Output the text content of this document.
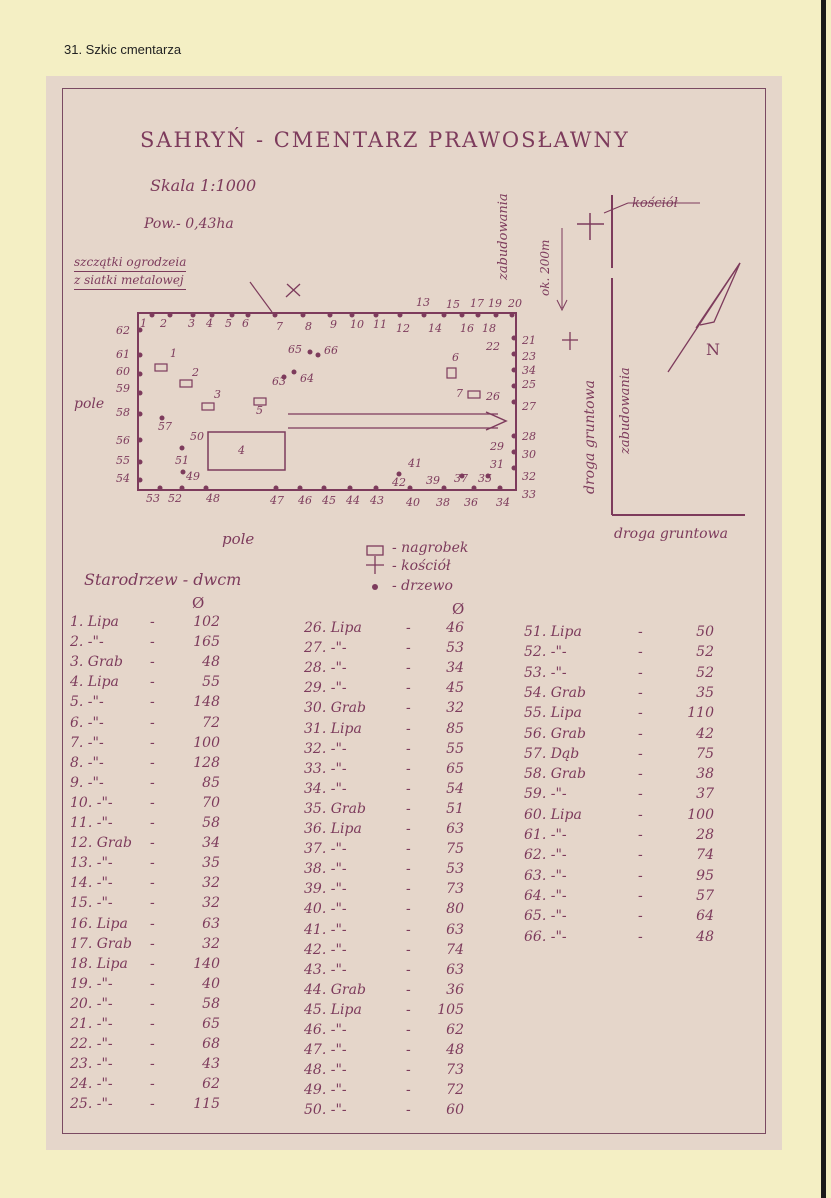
31. Szkic cmentarza
SAHRYŃ - CMENTARZ PRAWOSŁAWNY
Skala 1:1000
Pow.- 0,43ha
szczątki ogrodzeia
z siatki metalowej	zabudowania ok. 200m
kościół
N
droga gruntowa zabudowania
droga gruntowa
pole
pole
1 2 3 4 5 6 7 8 9 10 11 12
13
14
15
16
17
18
19 20
21
22
23
34
25
26
27
28
29
30
31
32
33
53 52 48	47 46 45 44 43 40 38 36 34
62
61
60
59
58
56
55
54
1
2
3
4
5
6
7
57
50
51
49
41
42 39 37 35
63 64
65 66
- nagrobek
- kościół
- drzewo
Starodrzew - dwcm
Ø	Ø
1. Lipa -	102
2. -"-	-	165
3. Grab -	48
4. Lipa -	55
5. -"-	-	148
6. -"-	-	72
7. -"-	-	100
8. -"-	-	128
9. -"-	-	85
10. -"-	-	70
11. -"-	-	58
12. Grab -	34
13. -"-	-	35
14. -"-	-	32
15. -"-	-	32
16. Lipa -	63
17. Grab -	32
18. Lipa -	140
19. -"-	-	40
20. -"-	-	58
21. -"-	-	65
22. -"-	-	68
23. -"-	-	43
24. -"-	-	62
25. -"-	-	115
26. Lipa	-	46
27. -"-	-	53
28. -"-	-	34
29. -"-	-	45
30. Grab	-	32
31. Lipa	-	85
32. -"-	-	55
33. -"-	-	65
34. -"-	-	54
35. Grab	-	51
36. Lipa	-	63
37. -"-	-	75
38. -"-	-	53
39. -"-	-	73
40. -"-	-	80
41. -"-	-	63
42. -"-	-	74
43. -"-	-	63
44. Grab	-	36
45. Lipa	-	105
46. -"-	-	62
47. -"-	-	48
48. -"-	-	73
49. -"-	-	72
50. -"-	-	60
51. Lipa	-	50
52. -"-	-	52
53. -"-	-	52
54. Grab	-	35
55. Lipa	-	110
56. Grab	-	42
57. Dąb	-	75
58. Grab	-	38
59. -"-	-	37
60. Lipa	-	100
61. -"-	-	28
62. -"-	-	74
63. -"-	-	95
64. -"-	-	57
65. -"-	-	64
66. -"-	-	48
